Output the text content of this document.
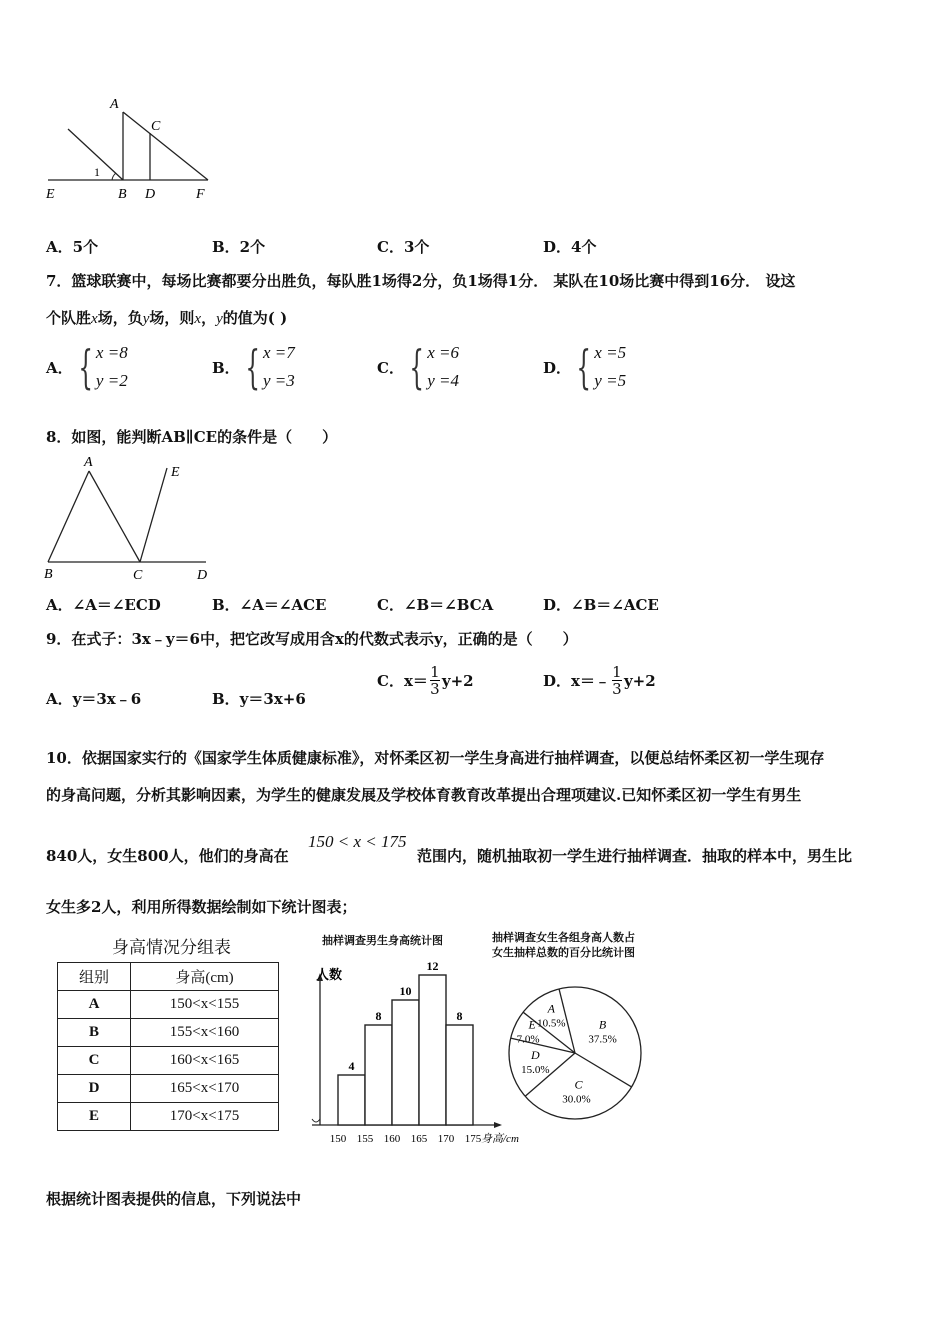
A
C
1
E	B D	F
A．5个	B．2个	C．3个	D．4个
7．篮球联赛中，每场比赛都要分出胜负，每队胜1场得2分，负1场得1分． 某队在10场比赛中得到16分． 设这
个队胜x场，负y场，则x，y的值为( )
A． { x =8
y =2
B． { x =7
y =3
C． { x =6
y =4
D． { x =5
y =5
8．如图，能判断AB∥CE的条件是（　　）
A
E
B	C	D
A．∠A＝∠ECD	B．∠A＝∠ACE	C．∠B＝∠BCA	D．∠B＝∠ACE
9．在式子：3x﹣y＝6中，把它改写成用含x的代数式表示y，正确的是（　　）
A．y＝3x﹣6	B．y＝3x+6
C．$x= \frac{1}{3} y+2$	D．x＝﹣ $\frac{1}{3} y+2$
10．依据国家实行的《国家学生体质健康标准》，对怀柔区初一学生身高进行抽样调查，以便总结怀柔区初一学生现存
的身高问题，分析其影响因素，为学生的健康发展及学校体育教育改革提出合理项建议.已知怀柔区初一学生有男生
840人，女生800人，他们的身高在
150 < x < 175
范围内，随机抽取初一学生进行抽样调查．抽取的样本中，男生比
女生多2人，利用所得数据绘制如下统计图表；
身高情况分组表
组别	身高(cm)
A	150<x<155
B	155<x<160
C	160<x<165
D	165<x<170
E	170<x<175
抽样调查男生身高统计图
人数
4
8
10
12
8
150 155 160 165 170 175 身高/cm
抽样调查女生各组身高人数占
女生抽样总数的百分比统计图
A
10.5%	B
37.5%
C
30.0%
D
15.0%
E
7.0%
根据统计图表提供的信息，下列说法中
